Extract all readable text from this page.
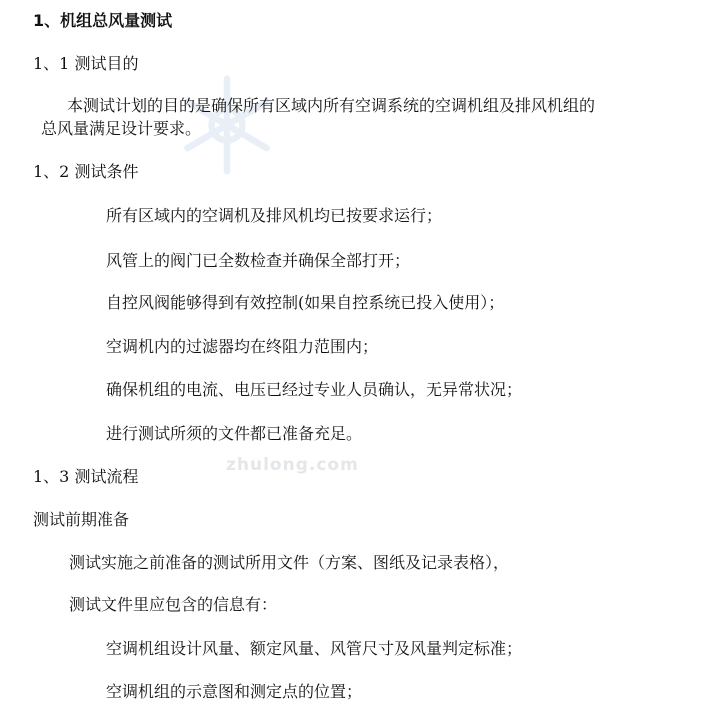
zhulong.com
1、机组总风量测试
1、1 测试目的
本测试计划的目的是确保所有区域内所有空调系统的空调机组及排风机组的
总风量满足设计要求。
1、2 测试条件
所有区域内的空调机及排风机均已按要求运行；
风管上的阀门已全数检查并确保全部打开；
自控风阀能够得到有效控制(如果自控系统已投入使用）；
空调机内的过滤器均在终阻力范围内；
确保机组的电流、电压已经过专业人员确认，无异常状况；
进行测试所须的文件都已准备充足。
1、3 测试流程
测试前期准备
测试实施之前准备的测试所用文件（方案、图纸及记录表格），
测试文件里应包含的信息有：
空调机组设计风量、额定风量、风管尺寸及风量判定标准；
空调机组的示意图和测定点的位置；
